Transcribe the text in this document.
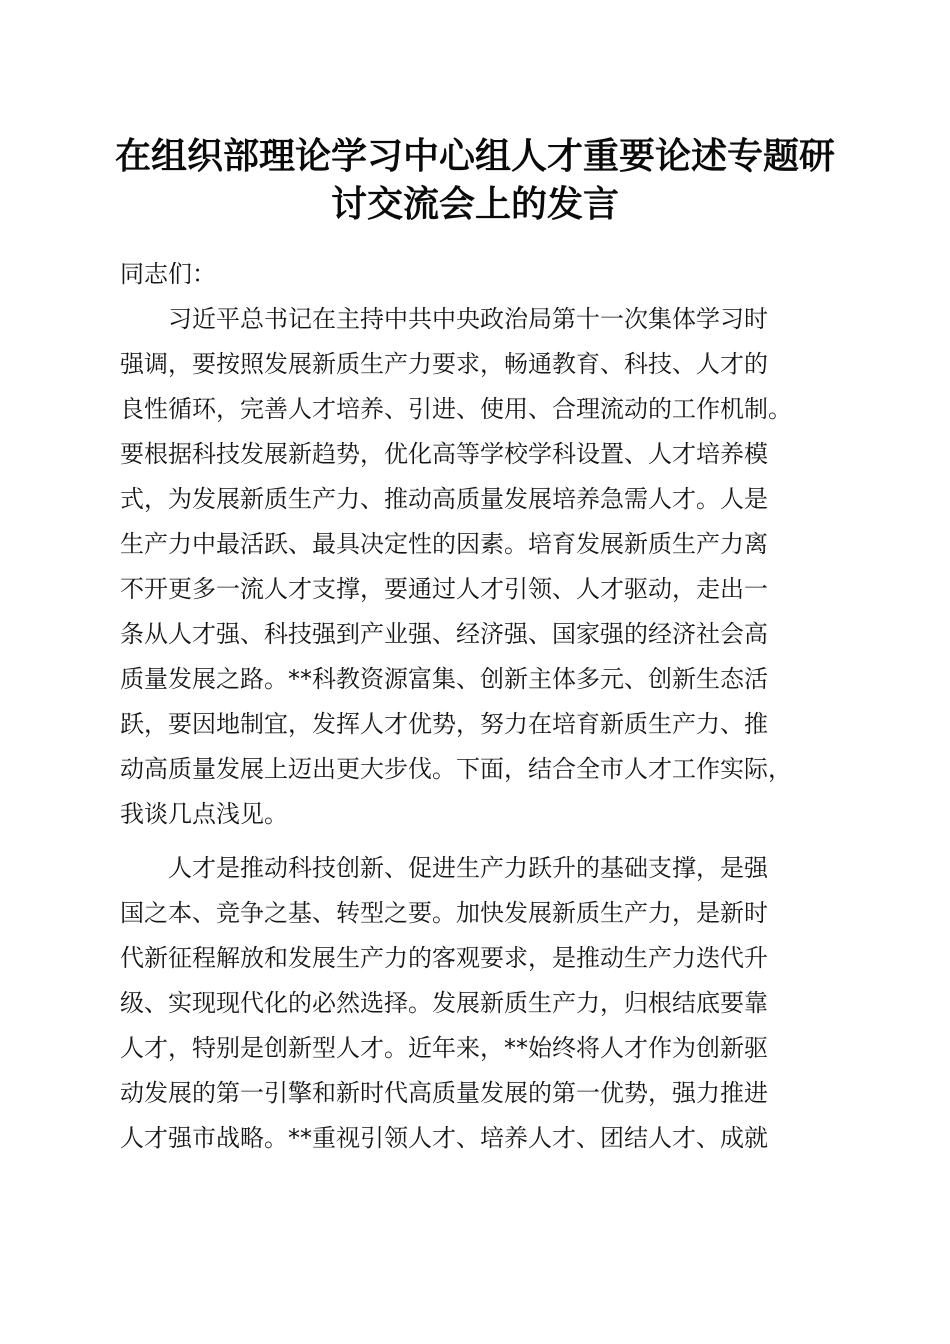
在组织部理论学习中心组人才重要论述专题研
讨交流会上的发言
同志们：
　　习近平总书记在主持中共中央政治局第十一次集体学习时
强调，要按照发展新质生产力要求，畅通教育、科技、人才的
良性循环，完善人才培养、引进、使用、合理流动的工作机制。
要根据科技发展新趋势，优化高等学校学科设置、人才培养模
式，为发展新质生产力、推动高质量发展培养急需人才。人是
生产力中最活跃、最具决定性的因素。培育发展新质生产力离
不开更多一流人才支撑，要通过人才引领、人才驱动，走出一
条从人才强、科技强到产业强、经济强、国家强的经济社会高
质量发展之路。**科教资源富集、创新主体多元、创新生态活
跃，要因地制宜，发挥人才优势，努力在培育新质生产力、推
动高质量发展上迈出更大步伐。下面，结合全市人才工作实际，
我谈几点浅见。
　　人才是推动科技创新、促进生产力跃升的基础支撑，是强
国之本、竞争之基、转型之要。加快发展新质生产力，是新时
代新征程解放和发展生产力的客观要求，是推动生产力迭代升
级、实现现代化的必然选择。发展新质生产力，归根结底要靠
人才，特别是创新型人才。近年来，**始终将人才作为创新驱
动发展的第一引擎和新时代高质量发展的第一优势，强力推进
人才强市战略。**重视引领人才、培养人才、团结人才、成就
